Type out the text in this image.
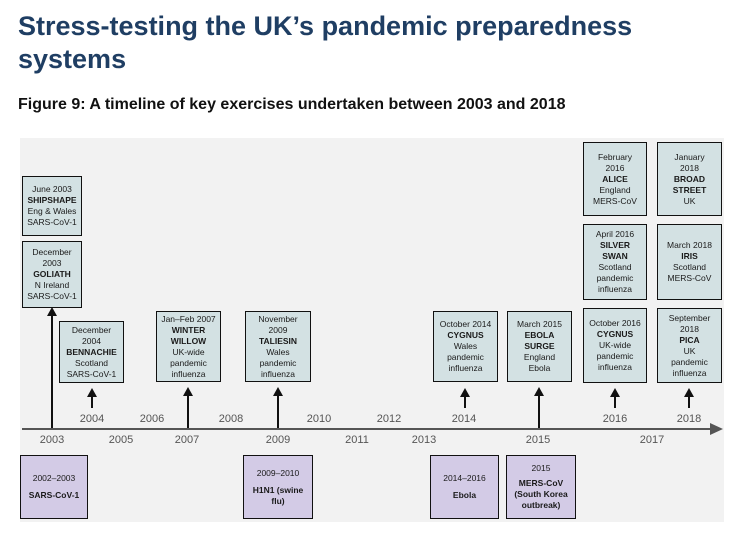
Stress-testing the UK’s pandemic preparedness systems
Figure 9: A timeline of key exercises undertaken between 2003 and 2018
2004	2006	2008	2010	2012	2014	2016	2018
2003	2005	2007	2009	2011	2013	2015	2017
June 2003
SHIPSHAPE
Eng & Wales
SARS-CoV-1
December 2003
GOLIATH
N Ireland
SARS-CoV-1
December 2004
BENNACHIE
Scotland
SARS-CoV-1
Jan–Feb 2007
WINTER WILLOW
UK-wide
pandemic influenza
November 2009
TALIESIN
Wales
pandemic influenza
October 2014
CYGNUS
Wales
pandemic influenza
March 2015
EBOLA SURGE
England
Ebola
February 2016
ALICE
England
MERS-CoV
April 2016
SILVER SWAN
Scotland
pandemic influenza
October 2016
CYGNUS
UK-wide
pandemic influenza
January 2018
BROAD STREET
UK
March 2018
IRIS
Scotland
MERS-CoV
September 2018
PICA
UK
pandemic influenza
2002–2003
SARS-CoV-1
2009–2010
H1N1 (swine flu)
2014–2016
Ebola
2015
MERS-CoV (South Korea outbreak)
